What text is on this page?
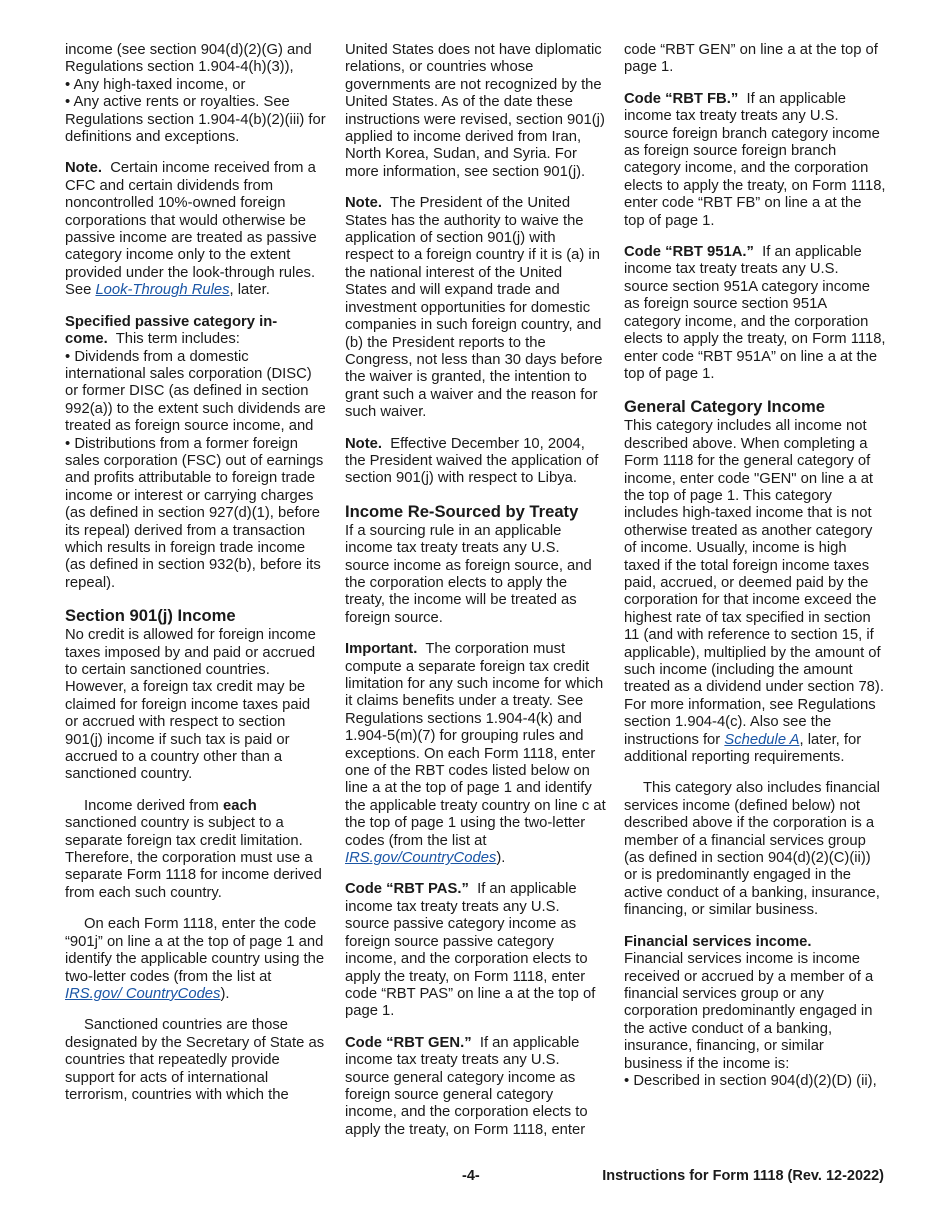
income (see section 904(d)(2)(G) and Regulations section 1.904-4(h)(3)),

• Any high-taxed income, or

• Any active rents or royalties. See Regulations section 1.904-4(b)(2)(iii) for definitions and exceptions.

Note. Certain income received from a CFC and certain dividends from noncontrolled 10%-owned foreign corporations that would otherwise be passive income are treated as passive category income only to the extent provided under the look-through rules. See Look-Through Rules, later.

Specified passive category in- come. This term includes:

• Dividends from a domestic international sales corporation (DISC) or former DISC (as defined in section 992(a)) to the extent such dividends are treated as foreign source income, and

• Distributions from a former foreign sales corporation (FSC) out of earnings and profits attributable to foreign trade income or interest or carrying charges (as defined in section 927(d)(1), before its repeal) derived from a transaction which results in foreign trade income (as defined in section 932(b), before its repeal).

Section 901(j) Income

No credit is allowed for foreign income taxes imposed by and paid or accrued to certain sanctioned countries. However, a foreign tax credit may be claimed for foreign income taxes paid or accrued with respect to section 901(j) income if such tax is paid or accrued to a country other than a sanctioned country.

Income derived from each sanctioned country is subject to a separate foreign tax credit limitation. Therefore, the corporation must use a separate Form 1118 for income derived from each such country.

On each Form 1118, enter the code “901j” on line a at the top of page 1 and identify the applicable country using the two-letter codes (from the list at IRS.gov/ CountryCodes).

Sanctioned countries are those designated by the Secretary of State as countries that repeatedly provide support for acts of international terrorism, countries with which the

United States does not have diplomatic relations, or countries whose governments are not recognized by the United States. As of the date these instructions were revised, section 901(j) applied to income derived from Iran, North Korea, Sudan, and Syria. For more information, see section 901(j).

Note. The President of the United States has the authority to waive the application of section 901(j) with respect to a foreign country if it is (a) in the national interest of the United States and will expand trade and investment opportunities for domestic companies in such foreign country, and (b) the President reports to the Congress, not less than 30 days before the waiver is granted, the intention to grant such a waiver and the reason for such waiver.

Note. Effective December 10, 2004, the President waived the application of section 901(j) with respect to Libya.

Income Re-Sourced by Treaty

If a sourcing rule in an applicable income tax treaty treats any U.S. source income as foreign source, and the corporation elects to apply the treaty, the income will be treated as foreign source.

Important. The corporation must compute a separate foreign tax credit limitation for any such income for which it claims benefits under a treaty. See Regulations sections 1.904-4(k) and 1.904-5(m)(7) for grouping rules and exceptions. On each Form 1118, enter one of the RBT codes listed below on line a at the top of page 1 and identify the applicable treaty country on line c at the top of page 1 using the two-letter codes (from the list at IRS.gov/CountryCodes).

Code “RBT PAS.” If an applicable income tax treaty treats any U.S. source passive category income as foreign source passive category income, and the corporation elects to apply the treaty, on Form 1118, enter code “RBT PAS” on line a at the top of page 1.

Code “RBT GEN.” If an applicable income tax treaty treats any U.S. source general category income as foreign source general category income, and the corporation elects to apply the treaty, on Form 1118, enter

code “RBT GEN” on line a at the top of page 1.

Code “RBT FB.” If an applicable income tax treaty treats any U.S. source foreign branch category income as foreign source foreign branch category income, and the corporation elects to apply the treaty, on Form 1118, enter code “RBT FB” on line a at the top of page 1.

Code “RBT 951A.” If an applicable income tax treaty treats any U.S. source section 951A category income as foreign source section 951A category income, and the corporation elects to apply the treaty, on Form 1118, enter code “RBT 951A” on line a at the top of page 1.

General Category Income

This category includes all income not described above. When completing a Form 1118 for the general category of income, enter code "GEN" on line a at the top of page 1. This category includes high-taxed income that is not otherwise treated as another category of income. Usually, income is high taxed if the total foreign income taxes paid, accrued, or deemed paid by the corporation for that income exceed the highest rate of tax specified in section 11 (and with reference to section 15, if applicable), multiplied by the amount of such income (including the amount treated as a dividend under section 78). For more information, see Regulations section 1.904-4(c). Also see the instructions for Schedule A, later, for additional reporting requirements.

This category also includes financial services income (defined below) not described above if the corporation is a member of a financial services group (as defined in section 904(d)(2)(C)(ii)) or is predominantly engaged in the active conduct of a banking, insurance, financing, or similar business.

Financial services income.
Financial services income is income received or accrued by a member of a financial services group or any corporation predominantly engaged in the active conduct of a banking, insurance, financing, or similar business if the income is:

• Described in section 904(d)(2)(D) (ii),

-4-	Instructions for Form 1118 (Rev. 12-2022)
